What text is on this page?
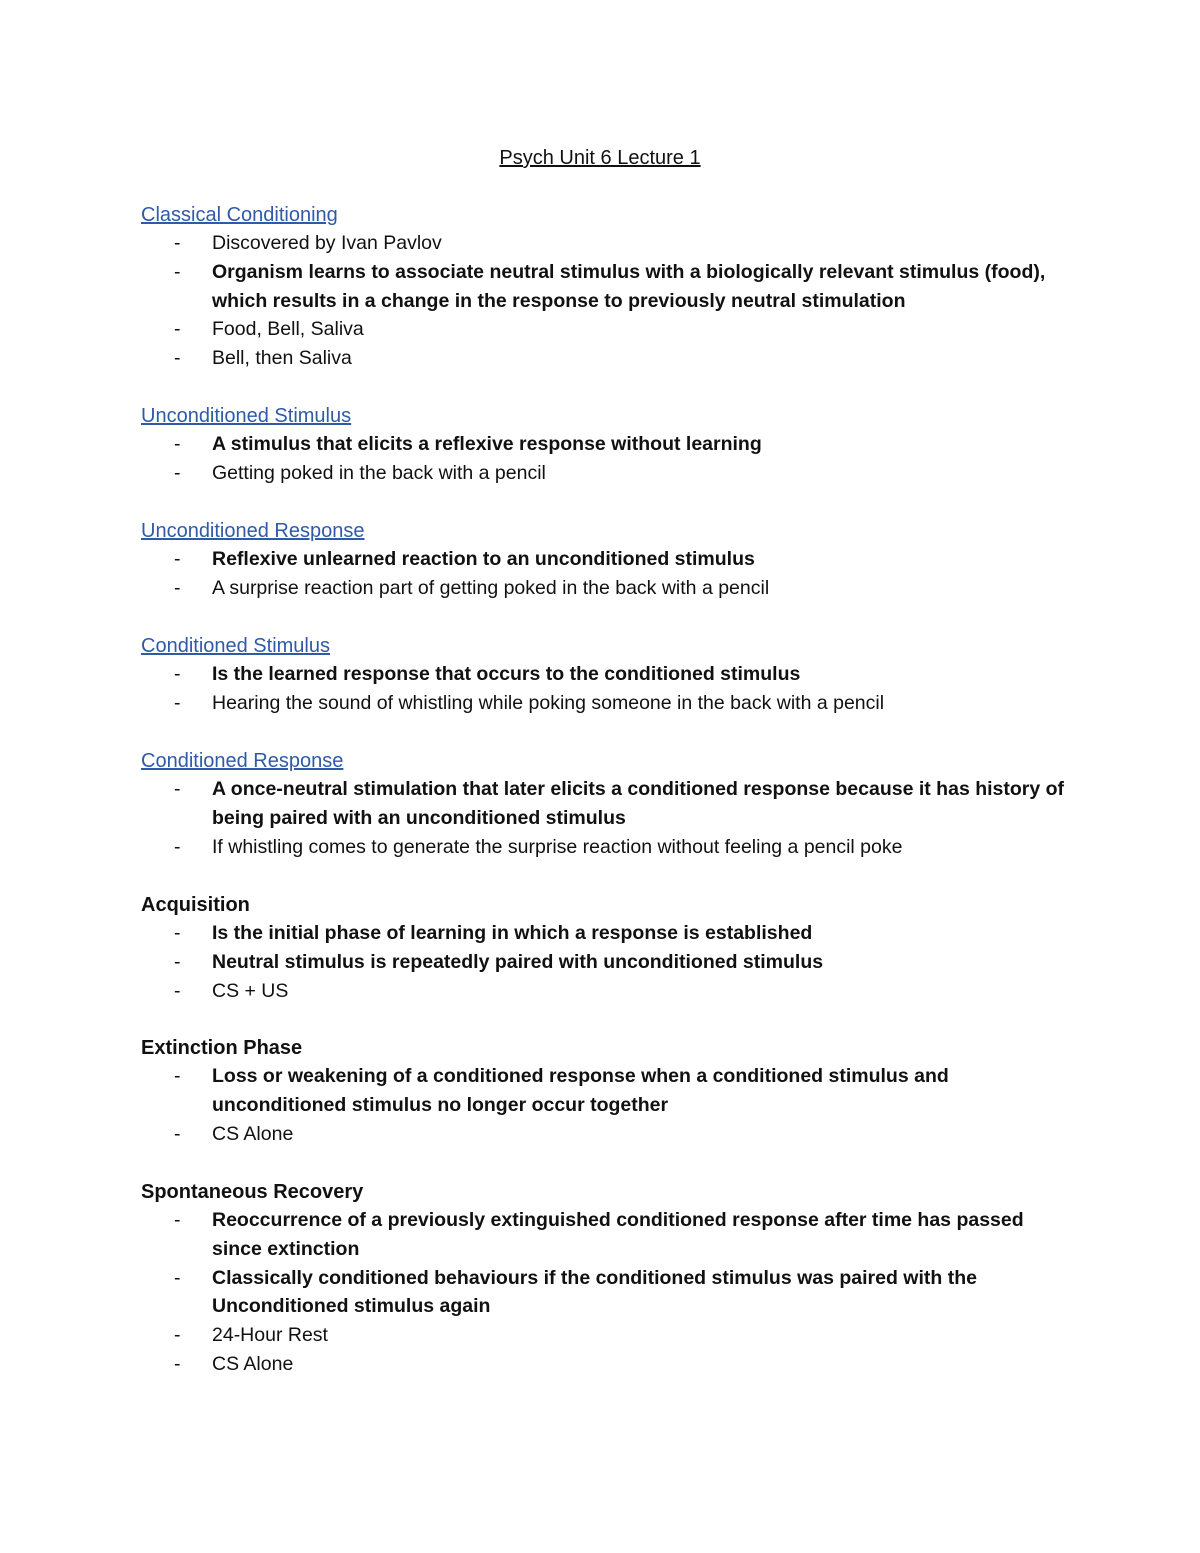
Psych Unit 6 Lecture 1
Classical Conditioning
- Discovered by Ivan Pavlov
- Organism learns to associate neutral stimulus with a biologically relevant stimulus (food), which results in a change in the response to previously neutral stimulation
- Food, Bell, Saliva
- Bell, then Saliva
Unconditioned Stimulus
- A stimulus that elicits a reflexive response without learning
- Getting poked in the back with a pencil
Unconditioned Response
- Reflexive unlearned reaction to an unconditioned stimulus
- A surprise reaction part of getting poked in the back with a pencil
Conditioned Stimulus
- Is the learned response that occurs to the conditioned stimulus
- Hearing the sound of whistling while poking someone in the back with a pencil
Conditioned Response
- A once-neutral stimulation that later elicits a conditioned response because it has history of being paired with an unconditioned stimulus
- If whistling comes to generate the surprise reaction without feeling a pencil poke
Acquisition
- Is the initial phase of learning in which a response is established
- Neutral stimulus is repeatedly paired with unconditioned stimulus
- CS + US
Extinction Phase
- Loss or weakening of a conditioned response when a conditioned stimulus and unconditioned stimulus no longer occur together
- CS Alone
Spontaneous Recovery
- Reoccurrence of a previously extinguished conditioned response after time has passed since extinction
- Classically conditioned behaviours if the conditioned stimulus was paired with the Unconditioned stimulus again
- 24-Hour Rest
- CS Alone
